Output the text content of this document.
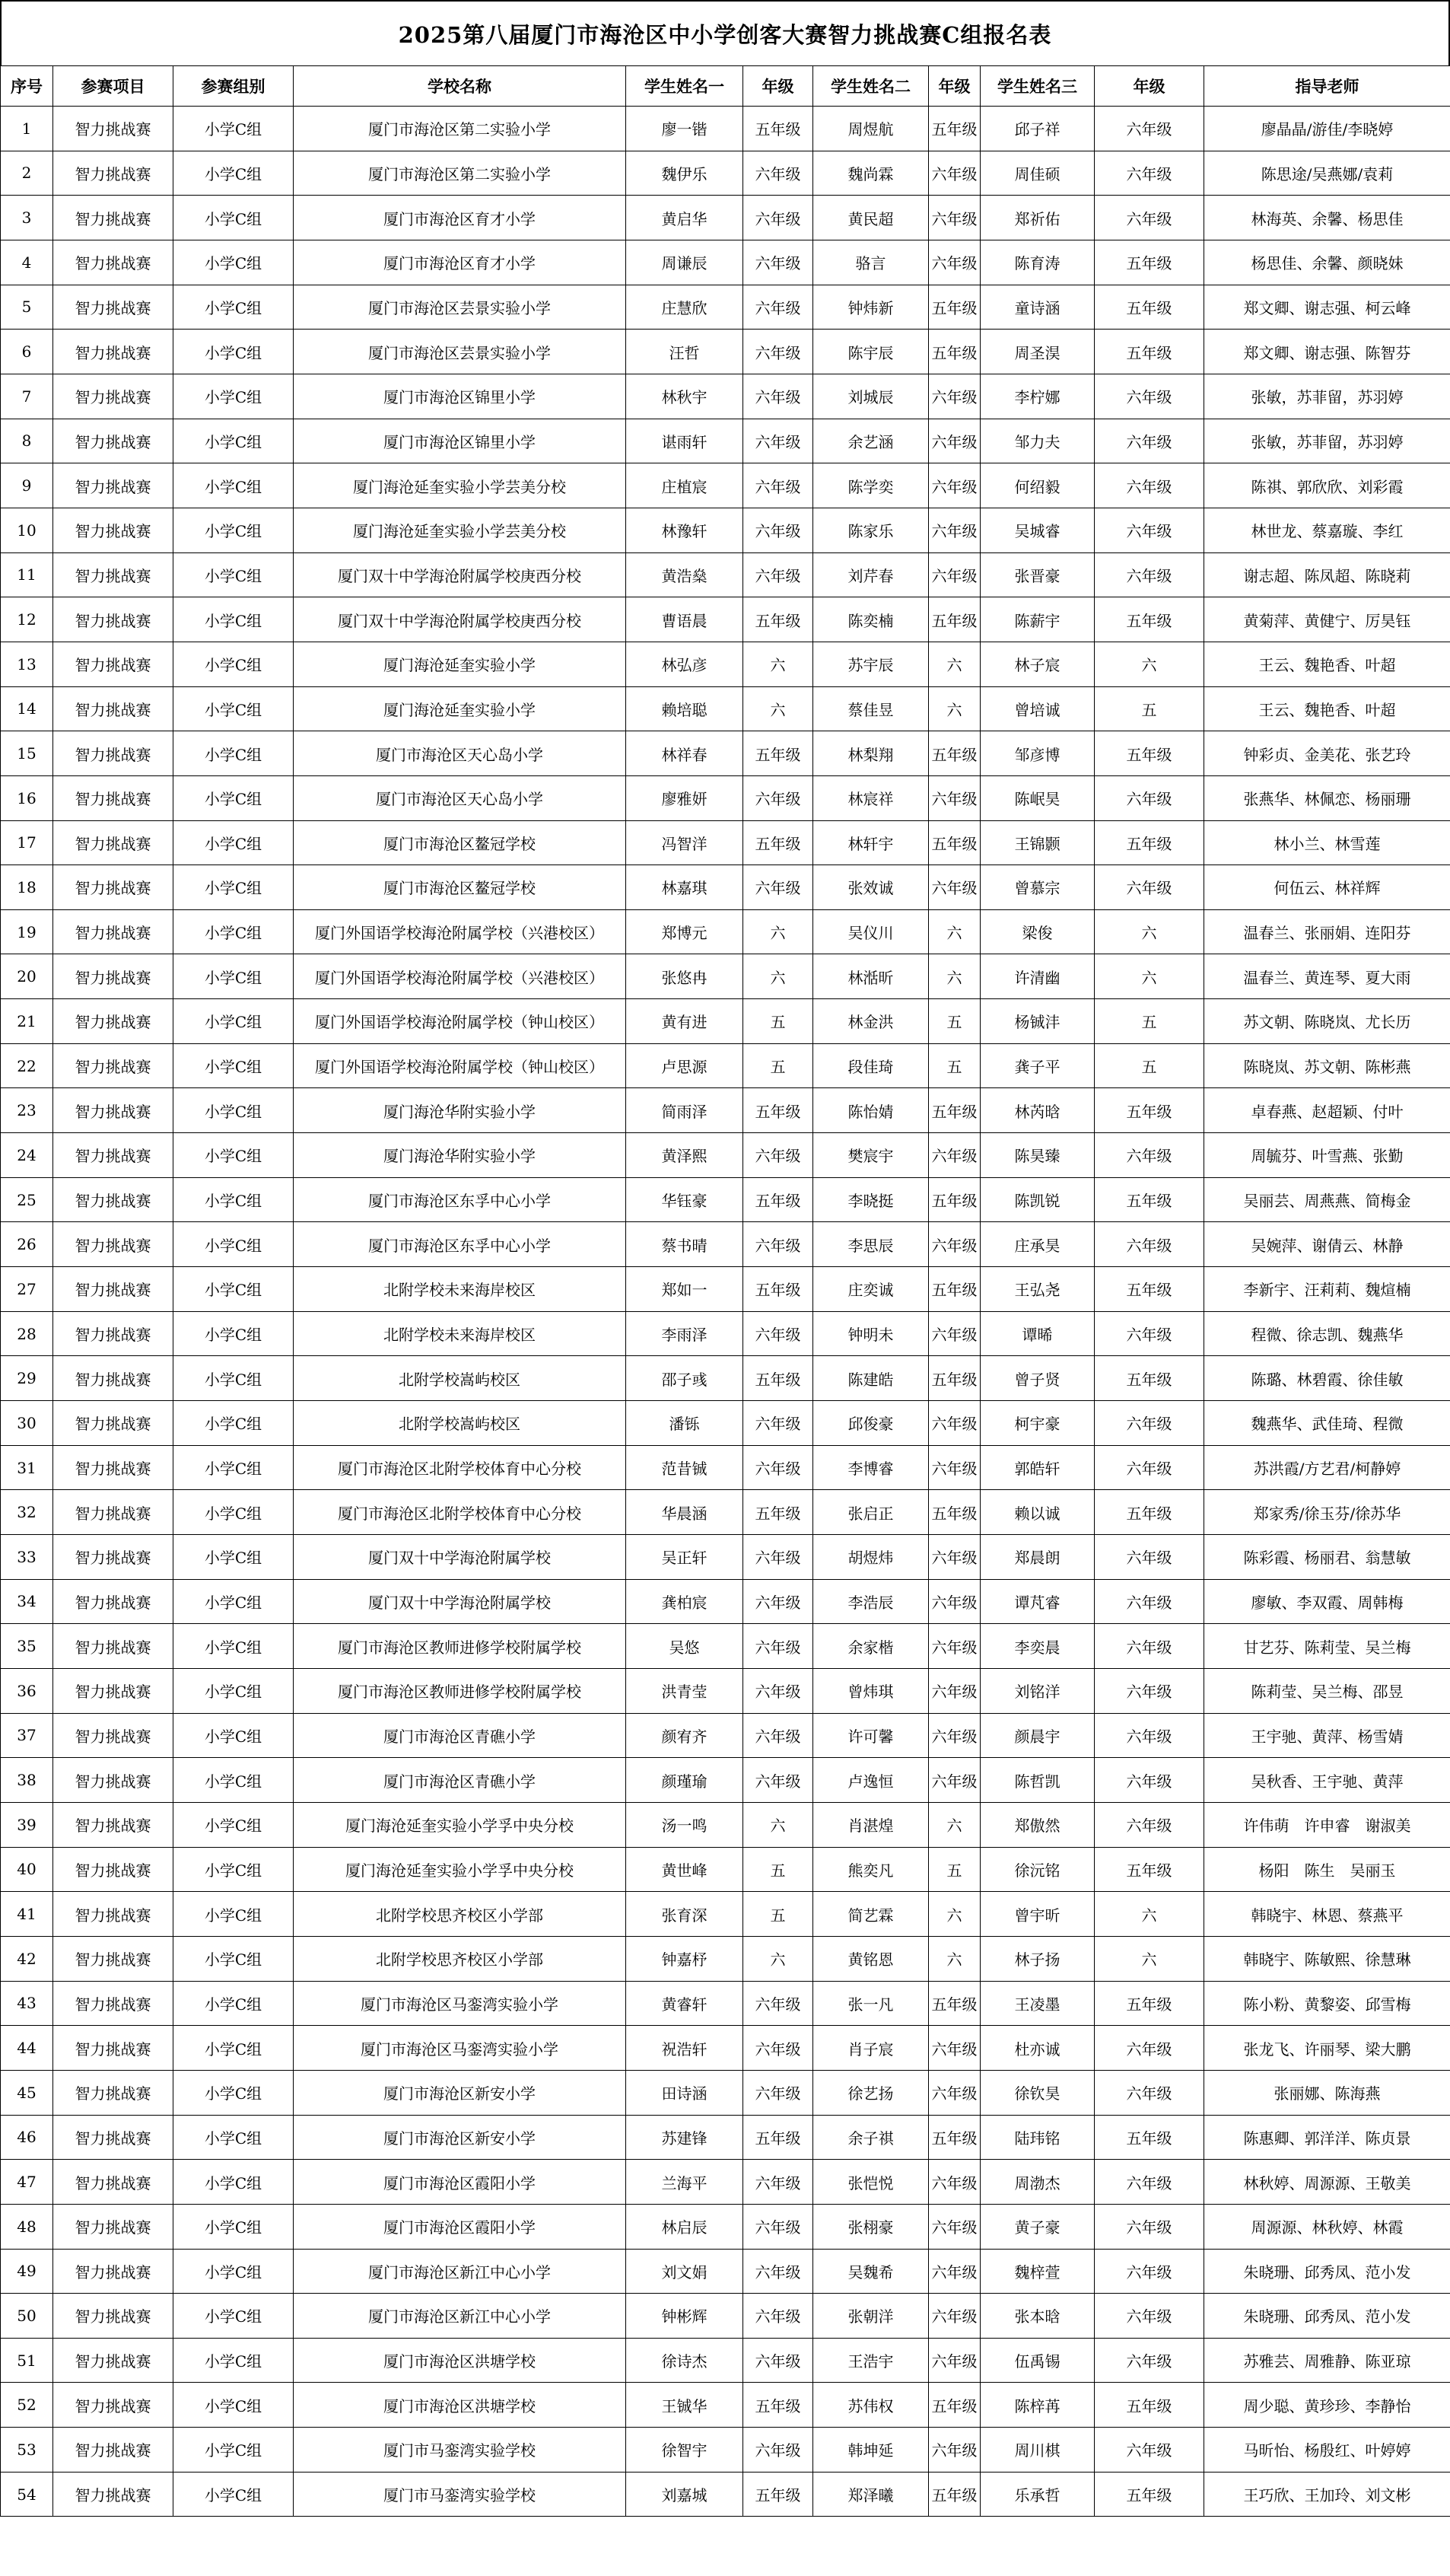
2025第八届厦门市海沧区中小学创客大赛智力挑战赛C组报名表
序号	参赛项目	参赛组别	学校名称	学生姓名一	年级	学生姓名二	年级	学生姓名三	年级	指导老师
1	智力挑战赛	小学C组	厦门市海沧区第二实验小学	廖一锴	五年级	周煜航	五年级	邱子祥	六年级	廖晶晶/游佳/李晓婷
2	智力挑战赛	小学C组	厦门市海沧区第二实验小学	魏伊乐	六年级	魏尚霖	六年级	周佳硕	六年级	陈思途/吴燕娜/袁莉
3	智力挑战赛	小学C组	厦门市海沧区育才小学	黄启华	六年级	黄民超	六年级	郑祈佑	六年级	林海英、余馨、杨思佳
4	智力挑战赛	小学C组	厦门市海沧区育才小学	周谦辰	六年级	骆言	六年级	陈育涛	五年级	杨思佳、余馨、颜晓妹
5	智力挑战赛	小学C组	厦门市海沧区芸景实验小学	庄慧欣	六年级	钟炜新	五年级	童诗涵	五年级	郑文卿、谢志强、柯云峰
6	智力挑战赛	小学C组	厦门市海沧区芸景实验小学	汪哲	六年级	陈宇辰	五年级	周圣淏	五年级	郑文卿、谢志强、陈智芬
7	智力挑战赛	小学C组	厦门市海沧区锦里小学	林秋宇	六年级	刘城辰	六年级	李柠娜	六年级	张敏，苏菲留，苏羽婷
8	智力挑战赛	小学C组	厦门市海沧区锦里小学	谌雨轩	六年级	余艺涵	六年级	邹力夫	六年级	张敏，苏菲留，苏羽婷
9	智力挑战赛	小学C组	厦门海沧延奎实验小学芸美分校	庄植宸	六年级	陈学奕	六年级	何绍毅	六年级	陈祺、郭欣欣、刘彩霞
10	智力挑战赛	小学C组	厦门海沧延奎实验小学芸美分校	林豫轩	六年级	陈家乐	六年级	吴城睿	六年级	林世龙、蔡嘉璇、李红
11	智力挑战赛	小学C组	厦门双十中学海沧附属学校庚西分校	黄浩燊	六年级	刘芹春	六年级	张晋豪	六年级	谢志超、陈凤超、陈晓莉
12	智力挑战赛	小学C组	厦门双十中学海沧附属学校庚西分校	曹语晨	五年级	陈奕楠	五年级	陈薪宇	五年级	黄菊萍、黄健宁、厉昊钰
13	智力挑战赛	小学C组	厦门海沧延奎实验小学	林弘彦	六	苏宇辰	六	林子宸	六	王云、魏艳香、叶超
14	智力挑战赛	小学C组	厦门海沧延奎实验小学	赖培聪	六	蔡佳昱	六	曾培诚	五	王云、魏艳香、叶超
15	智力挑战赛	小学C组	厦门市海沧区天心岛小学	林祥春	五年级	林梨翔	五年级	邹彦博	五年级	钟彩贞、金美花、张艺玲
16	智力挑战赛	小学C组	厦门市海沧区天心岛小学	廖雅妍	六年级	林宸祥	六年级	陈岷昊	六年级	张燕华、林佩恋、杨丽珊
17	智力挑战赛	小学C组	厦门市海沧区鳌冠学校	冯智洋	五年级	林轩宇	五年级	王锦颢	五年级	林小兰、林雪莲
18	智力挑战赛	小学C组	厦门市海沧区鳌冠学校	林嘉琪	六年级	张效诚	六年级	曾慕宗	六年级	何伍云、林祥辉
19	智力挑战赛	小学C组	厦门外国语学校海沧附属学校（兴港校区）	郑博元	六	吴仪川	六	梁俊	六	温春兰、张丽娟、连阳芬
20	智力挑战赛	小学C组	厦门外国语学校海沧附属学校（兴港校区）	张悠冉	六	林湉昕	六	许清幽	六	温春兰、黄连琴、夏大雨
21	智力挑战赛	小学C组	厦门外国语学校海沧附属学校（钟山校区）	黄有进	五	林金洪	五	杨铖沣	五	苏文朝、陈晓岚、尤长历
22	智力挑战赛	小学C组	厦门外国语学校海沧附属学校（钟山校区）	卢思源	五	段佳琦	五	龚子平	五	陈晓岚、苏文朝、陈彬燕
23	智力挑战赛	小学C组	厦门海沧华附实验小学	简雨泽	五年级	陈怡婧	五年级	林芮晗	五年级	卓春燕、赵超颖、付叶
24	智力挑战赛	小学C组	厦门海沧华附实验小学	黄泽熙	六年级	樊宸宇	六年级	陈昊臻	六年级	周毓芬、叶雪燕、张勤
25	智力挑战赛	小学C组	厦门市海沧区东孚中心小学	华钰豪	五年级	李晓挺	五年级	陈凯锐	五年级	吴丽芸、周燕燕、简梅金
26	智力挑战赛	小学C组	厦门市海沧区东孚中心小学	蔡书晴	六年级	李思辰	六年级	庄承昊	六年级	吴婉萍、谢倩云、林静
27	智力挑战赛	小学C组	北附学校未来海岸校区	郑如一	五年级	庄奕诚	五年级	王弘尧	五年级	李新宇、汪莉莉、魏煊楠
28	智力挑战赛	小学C组	北附学校未来海岸校区	李雨泽	六年级	钟明未	六年级	谭晞	六年级	程微、徐志凯、魏燕华
29	智力挑战赛	小学C组	北附学校嵩屿校区	邵子彧	五年级	陈建皓	五年级	曾子贤	五年级	陈璐、林碧霞、徐佳敏
30	智力挑战赛	小学C组	北附学校嵩屿校区	潘铄	六年级	邱俊豪	六年级	柯宇豪	六年级	魏燕华、武佳琦、程微
31	智力挑战赛	小学C组	厦门市海沧区北附学校体育中心分校	范昔铖	六年级	李博睿	六年级	郭皓轩	六年级	苏洪霞/方艺君/柯静婷
32	智力挑战赛	小学C组	厦门市海沧区北附学校体育中心分校	华晨涵	五年级	张启正	五年级	赖以诚	五年级	郑家秀/徐玉芬/徐苏华
33	智力挑战赛	小学C组	厦门双十中学海沧附属学校	吴正轩	六年级	胡煜炜	六年级	郑晨朗	六年级	陈彩霞、杨丽君、翁慧敏
34	智力挑战赛	小学C组	厦门双十中学海沧附属学校	龚柏宸	六年级	李浩辰	六年级	谭芃睿	六年级	廖敏、李双霞、周韩梅
35	智力挑战赛	小学C组	厦门市海沧区教师进修学校附属学校	吴悠	六年级	余家楷	六年级	李奕晨	六年级	甘艺芬、陈莉莹、吴兰梅
36	智力挑战赛	小学C组	厦门市海沧区教师进修学校附属学校	洪青莹	六年级	曾炜琪	六年级	刘铭洋	六年级	陈莉莹、吴兰梅、邵昱
37	智力挑战赛	小学C组	厦门市海沧区青礁小学	颜宥齐	六年级	许可馨	六年级	颜晨宇	六年级	王宇驰、黄萍、杨雪婧
38	智力挑战赛	小学C组	厦门市海沧区青礁小学	颜瑾瑜	六年级	卢逸恒	六年级	陈哲凯	六年级	吴秋香、王宇驰、黄萍
39	智力挑战赛	小学C组	厦门海沧延奎实验小学孚中央分校	汤一鸣	六	肖湛煌	六	郑傲然	六年级	许伟萌　许申睿　谢淑美
40	智力挑战赛	小学C组	厦门海沧延奎实验小学孚中央分校	黄世峰	五	熊奕凡	五	徐沅铭	五年级	杨阳　陈生　吴丽玉
41	智力挑战赛	小学C组	北附学校思齐校区小学部	张育深	五	简艺霖	六	曾宇昕	六	韩晓宇、林恩、蔡燕平
42	智力挑战赛	小学C组	北附学校思齐校区小学部	钟嘉杼	六	黄铭恩	六	林子扬	六	韩晓宇、陈敏熙、徐慧琳
43	智力挑战赛	小学C组	厦门市海沧区马銮湾实验小学	黄睿轩	六年级	张一凡	五年级	王凌墨	五年级	陈小粉、黄黎姿、邱雪梅
44	智力挑战赛	小学C组	厦门市海沧区马銮湾实验小学	祝浩轩	六年级	肖子宸	六年级	杜亦诚	六年级	张龙飞、许丽琴、梁大鹏
45	智力挑战赛	小学C组	厦门市海沧区新安小学	田诗涵	六年级	徐艺扬	六年级	徐钦昊	六年级	张丽娜、陈海燕
46	智力挑战赛	小学C组	厦门市海沧区新安小学	苏建锋	五年级	余子祺	五年级	陆玮铭	五年级	陈惠卿、郭洋洋、陈贞景
47	智力挑战赛	小学C组	厦门市海沧区霞阳小学	兰海平	六年级	张恺悦	六年级	周渤杰	六年级	林秋婷、周源源、王敬美
48	智力挑战赛	小学C组	厦门市海沧区霞阳小学	林启辰	六年级	张栩豪	六年级	黄子豪	六年级	周源源、林秋婷、林霞
49	智力挑战赛	小学C组	厦门市海沧区新江中心小学	刘文娟	六年级	吴魏希	六年级	魏梓萱	六年级	朱晓珊、邱秀凤、范小发
50	智力挑战赛	小学C组	厦门市海沧区新江中心小学	钟彬辉	六年级	张朝洋	六年级	张本晗	六年级	朱晓珊、邱秀凤、范小发
51	智力挑战赛	小学C组	厦门市海沧区洪塘学校	徐诗杰	六年级	王浩宇	六年级	伍禹锡	六年级	苏雅芸、周雅静、陈亚琼
52	智力挑战赛	小学C组	厦门市海沧区洪塘学校	王铖华	五年级	苏伟权	五年级	陈梓苒	五年级	周少聪、黄珍珍、李静怡
53	智力挑战赛	小学C组	厦门市马銮湾实验学校	徐智宇	六年级	韩坤延	六年级	周川棋	六年级	马昕怡、杨殷红、叶婷婷
54	智力挑战赛	小学C组	厦门市马銮湾实验学校	刘嘉城	五年级	郑泽曦	五年级	乐承哲	五年级	王巧欣、王加玲、刘文彬
